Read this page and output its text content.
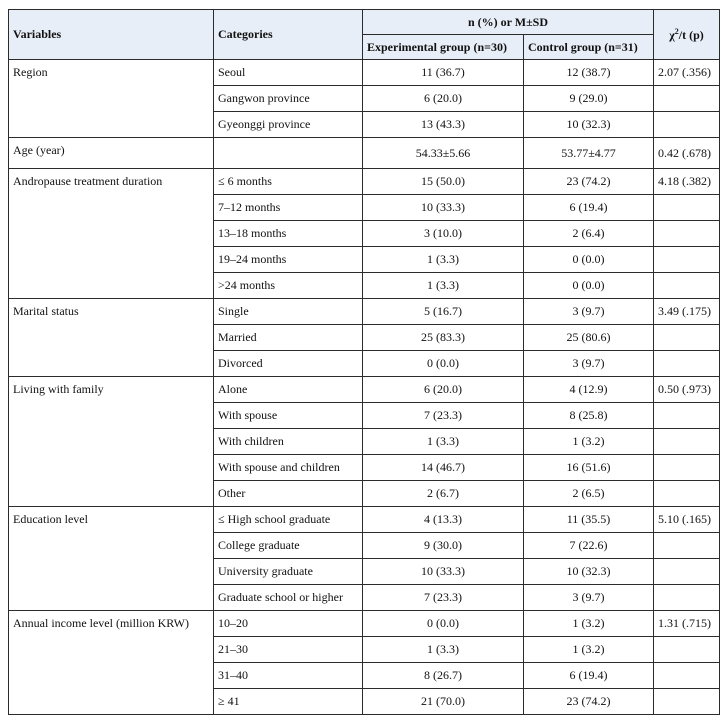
Variables	Categories	n (%) or M±SD		$\chi^2/t$ (p)
		Experimental group (n=30)	Control group (n=31)	
Region	Seoul	11 (36.7)	12 (38.7)	2.07 (.356)
	Gangwon province	6 (20.0)	9 (29.0)	
	Gyeonggi province	13 (43.3)	10 (32.3)	
Age (year)		54.33±5.66	53.77±4.77	0.42 (.678)
Andropause treatment duration	≤ 6 months	15 (50.0)	23 (74.2)	4.18 (.382)
	7–12 months	10 (33.3)	6 (19.4)	
	13–18 months	3 (10.0)	2 (6.4)	
	19–24 months	1 (3.3)	0 (0.0)	
	>24 months	1 (3.3)	0 (0.0)	
Marital status	Single	5 (16.7)	3 (9.7)	3.49 (.175)
	Married	25 (83.3)	25 (80.6)	
	Divorced	0 (0.0)	3 (9.7)	
Living with family	Alone	6 (20.0)	4 (12.9)	0.50 (.973)
	With spouse	7 (23.3)	8 (25.8)	
	With children	1 (3.3)	1 (3.2)	
	With spouse and children	14 (46.7)	16 (51.6)	
	Other	2 (6.7)	2 (6.5)	
Education level	≤ High school graduate	4 (13.3)	11 (35.5)	5.10 (.165)
	College graduate	9 (30.0)	7 (22.6)	
	University graduate	10 (33.3)	10 (32.3)	
	Graduate school or higher	7 (23.3)	3 (9.7)	
Annual income level (million KRW)	10–20	0 (0.0)	1 (3.2)	1.31 (.715)
	21–30	1 (3.3)	1 (3.2)	
	31–40	8 (26.7)	6 (19.4)	
	≥ 41	21 (70.0)	23 (74.2)	
